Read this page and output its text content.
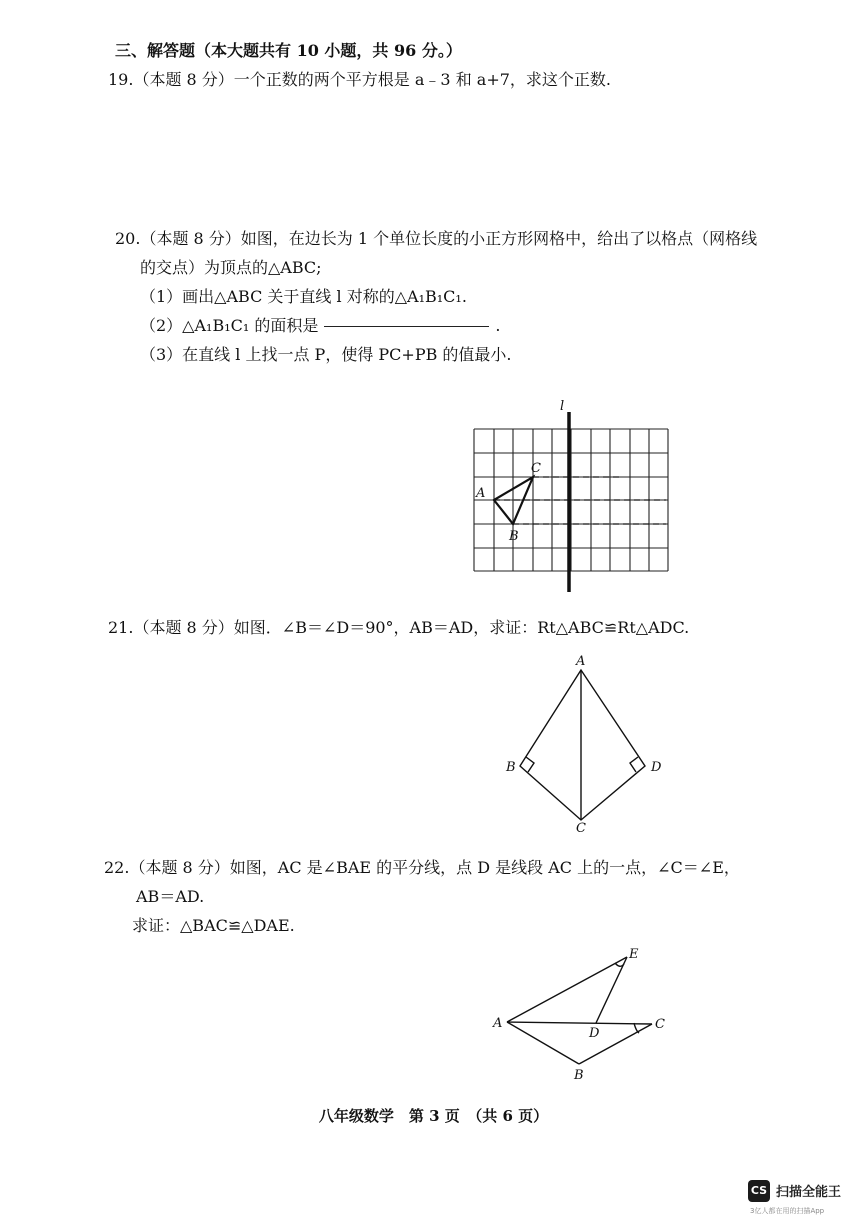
三、解答题（本大题共有 10 小题，共 96 分。）
19.（本题 8 分）一个正数的两个平方根是 a﹣3 和 a+7，求这个正数.
20.（本题 8 分）如图，在边长为 1 个单位长度的小正方形网格中，给出了以格点（网格线
的交点）为顶点的△ABC;
（1）画出△ABC 关于直线 l 对称的△A₁B₁C₁.
（2）△A₁B₁C₁ 的面积是	.
（3）在直线 l 上找一点 P，使得 PC+PB 的值最小.
l
A
B
C
21.（本题 8 分）如图．∠B＝∠D＝90°，AB＝AD，求证：Rt△ABC≌Rt△ADC.
A
B
C
D
22.（本题 8 分）如图，AC 是∠BAE 的平分线，点 D 是线段 AC 上的一点，∠C＝∠E，
AB＝AD.
求证：△BAC≌△DAE.
A
B
C
D
E
八年级数学　第 3 页　（共 6 页）
CS 扫描全能王
3亿人都在用的扫描App
